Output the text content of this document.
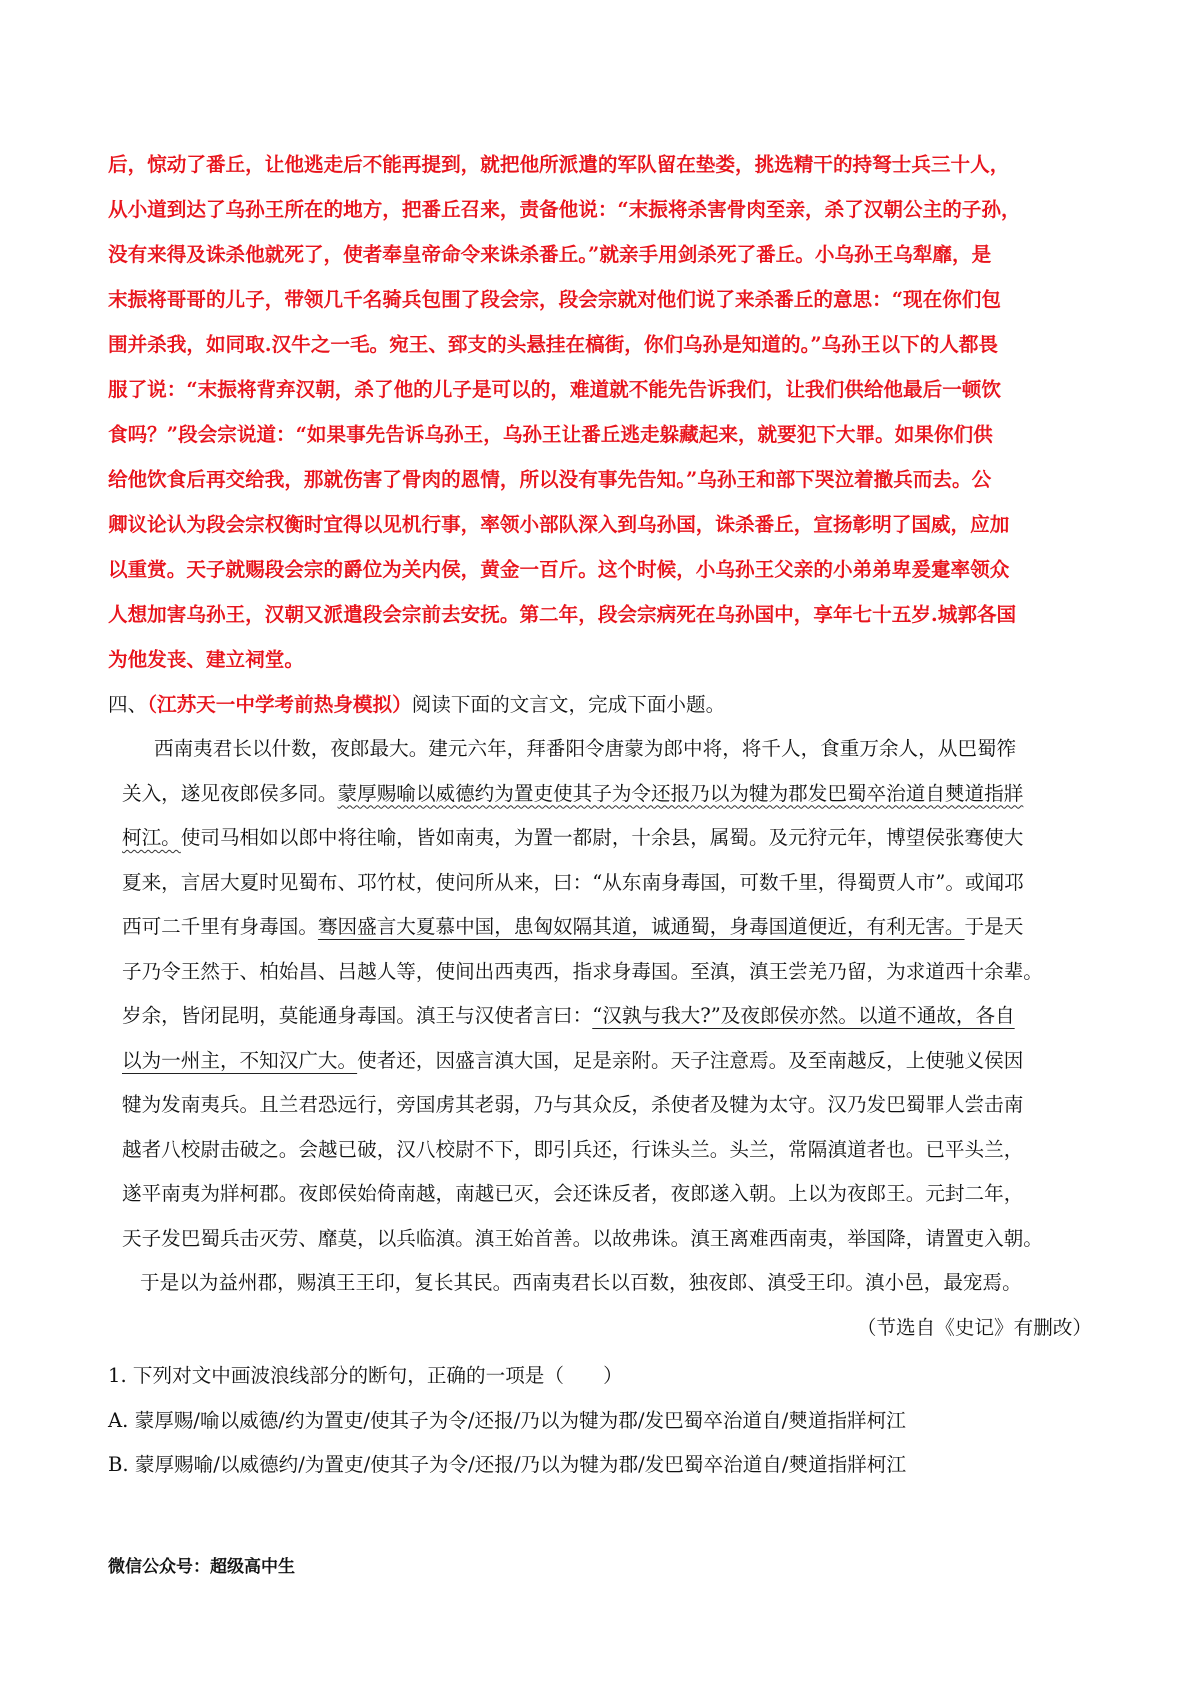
后，惊动了番丘，让他逃走后不能再提到，就把他所派遣的军队留在垫娄，挑选精干的持弩士兵三十人，
从小道到达了乌孙王所在的地方，把番丘召来，责备他说：“末振将杀害骨肉至亲，杀了汉朝公主的子孙，
没有来得及诛杀他就死了，使者奉皇帝命令来诛杀番丘。”就亲手用剑杀死了番丘。小乌孙王乌犁靡，是
末振将哥哥的儿子，带领几千名骑兵包围了段会宗，段会宗就对他们说了来杀番丘的意思：“现在你们包
围并杀我，如同取.汉牛之一毛。宛王、郅支的头悬挂在槁街，你们乌孙是知道的。”乌孙王以下的人都畏
服了说：“末振将背弃汉朝，杀了他的儿子是可以的，难道就不能先告诉我们，让我们供给他最后一顿饮
食吗？”段会宗说道：“如果事先告诉乌孙王，乌孙王让番丘逃走躲藏起来，就要犯下大罪。如果你们供
给他饮食后再交给我，那就伤害了骨肉的恩情，所以没有事先告知。”乌孙王和部下哭泣着撤兵而去。公
卿议论认为段会宗权衡时宜得以见机行事，率领小部队深入到乌孙国，诛杀番丘，宣扬彰明了国威，应加
以重赏。天子就赐段会宗的爵位为关内侯，黄金一百斤。这个时候，小乌孙王父亲的小弟弟卑爰疐率领众
人想加害乌孙王，汉朝又派遣段会宗前去安抚。第二年，段会宗病死在乌孙国中，享年七十五岁.城郭各国
为他发丧、建立祠堂。
四、（江苏天一中学考前热身模拟）阅读下面的文言文，完成下面小题。
西南夷君长以什数，夜郎最大。建元六年，拜番阳令唐蒙为郎中将，将千人，食重万余人，从巴蜀筰
关入，遂见夜郎侯多同。蒙厚赐喻以威德约为置吏使其子为令还报乃以为犍为郡发巴蜀卒治道自僰道指牂
柯江。使司马相如以郎中将往喻，皆如南夷，为置一都尉，十余县，属蜀。及元狩元年，博望侯张骞使大
夏来，言居大夏时见蜀布、邛竹杖，使问所从来，曰：“从东南身毒国，可数千里，得蜀贾人市”。或闻邛
西可二千里有身毒国。骞因盛言大夏慕中国，患匈奴隔其道，诚通蜀，身毒国道便近，有利无害。于是天
子乃令王然于、柏始昌、吕越人等，使间出西夷西，指求身毒国。至滇，滇王尝羌乃留，为求道西十余辈。
岁余，皆闭昆明，莫能通身毒国。滇王与汉使者言曰：“汉孰与我大?”及夜郎侯亦然。以道不通故，各自
以为一州主，不知汉广大。使者还，因盛言滇大国，足是亲附。天子注意焉。及至南越反，上使驰义侯因
犍为发南夷兵。且兰君恐远行，旁国虏其老弱，乃与其众反，杀使者及犍为太守。汉乃发巴蜀罪人尝击南
越者八校尉击破之。会越已破，汉八校尉不下，即引兵还，行诛头兰。头兰，常隔滇道者也。已平头兰，
遂平南夷为牂柯郡。夜郎侯始倚南越，南越已灭，会还诛反者，夜郎遂入朝。上以为夜郎王。元封二年，
天子发巴蜀兵击灭劳、靡莫，以兵临滇。滇王始首善。以故弗诛。滇王离难西南夷，举国降，请置吏入朝。
于是以为益州郡，赐滇王王印，复长其民。西南夷君长以百数，独夜郎、滇受王印。滇小邑，最宠焉。
（节选自《史记》有删改）
1. 下列对文中画波浪线部分的断句，正确的一项是（　　）
A. 蒙厚赐/喻以威德/约为置吏/使其子为令/还报/乃以为犍为郡/发巴蜀卒治道自/僰道指牂柯江
B. 蒙厚赐喻/以威德约/为置吏/使其子为令/还报/乃以为犍为郡/发巴蜀卒治道自/僰道指牂柯江
微信公众号：超级高中生
